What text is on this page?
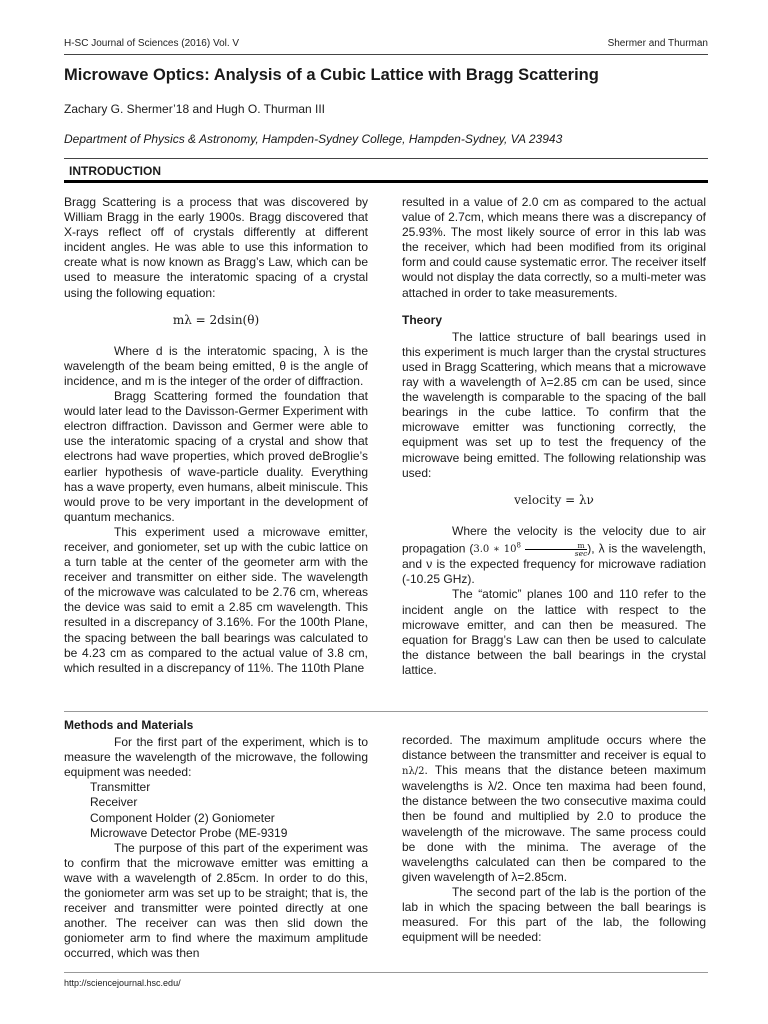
H-SC Journal of Sciences (2016) Vol. V	Shermer and Thurman
Microwave Optics: Analysis of a Cubic Lattice with Bragg Scattering
Zachary G. Shermer’18 and Hugh O. Thurman III
Department of Physics & Astronomy, Hampden-Sydney College, Hampden-Sydney, VA 23943
INTRODUCTION

Bragg Scattering is a process that was discovered by William Bragg in the early 1900s. Bragg discovered that X-rays reflect off of crystals differently at different incident angles. He was able to use this information to create what is now known as Bragg’s Law, which can be used to measure the interatomic spacing of a crystal using the following equation:

mλ = 2dsin(θ)

Where d is the interatomic spacing, λ is the wavelength of the beam being emitted, θ is the angle of incidence, and m is the integer of the order of diffraction.

Bragg Scattering formed the foundation that would later lead to the Davisson-Germer Experiment with electron diffraction. Davisson and Germer were able to use the interatomic spacing of a crystal and show that electrons had wave properties, which proved deBroglie’s earlier hypothesis of wave-particle duality. Everything has a wave property, even humans, albeit miniscule. This would prove to be very important in the development of quantum mechanics.

This experiment used a microwave emitter, receiver, and goniometer, set up with the cubic lattice on a turn table at the center of the geometer arm with the receiver and transmitter on either side. The wavelength of the microwave was calculated to be 2.76 cm, whereas the device was said to emit a 2.85 cm wavelength. This resulted in a discrepancy of 3.16%. For the 100th Plane, the spacing between the ball bearings was calculated to be 4.23 cm as compared to the actual value of 3.8 cm, which resulted in a discrepancy of 11%. The 110th Plane

resulted in a value of 2.0 cm as compared to the actual value of 2.7cm, which means there was a discrepancy of 25.93%. The most likely source of error in this lab was the receiver, which had been modified from its original form and could cause systematic error. The receiver itself would not display the data correctly, so a multi-meter was attached in order to take measurements.

Theory

The lattice structure of ball bearings used in this experiment is much larger than the crystal structures used in Bragg Scattering, which means that a microwave ray with a wavelength of λ=2.85 cm can be used, since the wavelength is comparable to the spacing of the ball bearings in the cube lattice. To confirm that the microwave emitter was functioning correctly, the equipment was set up to test the frequency of the microwave being emitted. The following relationship was used:

velocity = λν

Where the velocity is the velocity due to air propagation (3.0 ∗ $10^8 \frac{m}{\sec}$ ), λ is the wavelength, and ν is the expected frequency for microwave radiation (-10.25 GHz).

The “atomic” planes 100 and 110 refer to the incident angle on the lattice with respect to the microwave emitter, and can then be measured. The equation for Bragg’s Law can then be used to calculate the distance between the ball bearings in the crystal lattice.

Methods and Materials

For the first part of the experiment, which is to measure the wavelength of the microwave, the following equipment was needed:

Transmitter

Receiver

Component Holder (2) Goniometer

Microwave Detector Probe (ME-9319

The purpose of this part of the experiment was to confirm that the microwave emitter was emitting a wave with a wavelength of 2.85cm. In order to do this, the goniometer arm was set up to be straight; that is, the receiver and transmitter were pointed directly at one another. The receiver can was then slid down the goniometer arm to find where the maximum amplitude occurred, which was then

recorded. The maximum amplitude occurs where the distance between the transmitter and receiver is equal to nλ/2. This means that the distance beteen maximum wavelengths is λ/2. Once ten maxima had been found, the distance between the two consecutive maxima could then be found and multiplied by 2.0 to produce the wavelength of the microwave. The same process could be done with the minima. The average of the wavelengths calculated can then be compared to the given wavelength of λ=2.85cm.

The second part of the lab is the portion of the lab in which the spacing between the ball bearings is measured. For this part of the lab, the following equipment will be needed:

http://sciencejournal.hsc.edu/
